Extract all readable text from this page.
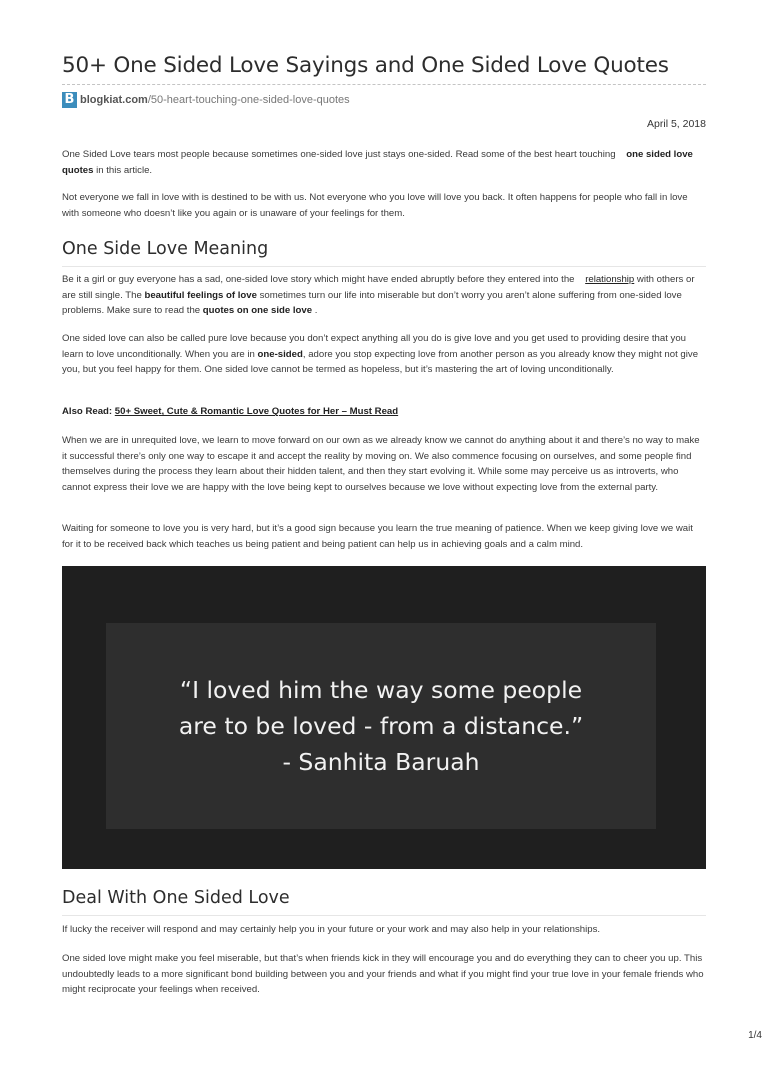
50+ One Sided Love Sayings and One Sided Love Quotes
B blogkiat.com /50-heart-touching-one-sided-love-quotes
April 5, 2018

One Sided Love tears most people because sometimes one-sided love just stays one-sided. Read some of the best heart touching one sided love quotes in this article.

Not everyone we fall in love with is destined to be with us. Not everyone who you love will love you back. It often happens for people who fall in love with someone who doesn’t like you again or is unaware of your feelings for them.

One Side Love Meaning

Be it a girl or guy everyone has a sad, one-sided love story which might have ended abruptly before they entered into the relationship with others or are still single. The beautiful feelings of love sometimes turn our life into miserable but don’t worry you aren’t alone suffering from one-sided love problems. Make sure to read the quotes on one side love .

One sided love can also be called pure love because you don’t expect anything all you do is give love and you get used to providing desire that you learn to love unconditionally. When you are in one-sided, adore you stop expecting love from another person as you already know they might not give you, but you feel happy for them. One sided love cannot be termed as hopeless, but it’s mastering the art of loving unconditionally.

Also Read: 50+ Sweet, Cute & Romantic Love Quotes for Her – Must Read

When we are in unrequited love, we learn to move forward on our own as we already know we cannot do anything about it and there’s no way to make it successful there’s only one way to escape it and accept the reality by moving on. We also commence focusing on ourselves, and some people find themselves during the process they learn about their hidden talent, and then they start evolving it. While some may perceive us as introverts, who cannot express their love we are happy with the love being kept to ourselves because we love without expecting love from the external party.

Waiting for someone to love you is very hard, but it’s a good sign because you learn the true meaning of patience. When we keep giving love we wait for it to be received back which teaches us being patient and being patient can help us in achieving goals and a calm mind.

“I loved him the way some people
are to be loved - from a distance.”
- Sanhita Baruah
Deal With One Sided Love

If lucky the receiver will respond and may certainly help you in your future or your work and may also help in your relationships.

One sided love might make you feel miserable, but that’s when friends kick in they will encourage you and do everything they can to cheer you up. This undoubtedly leads to a more significant bond building between you and your friends and what if you might find your true love in your female friends who might reciprocate your feelings when received.

1/4
